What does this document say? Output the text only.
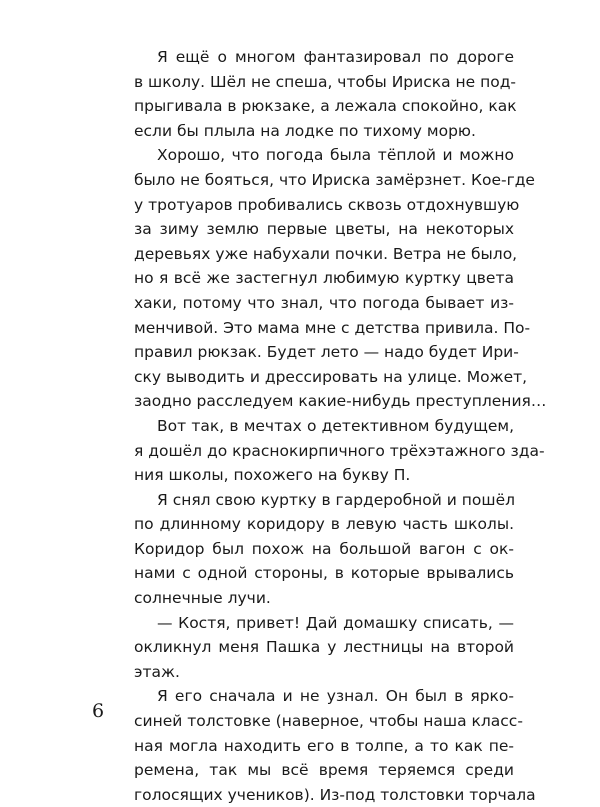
Я ещё о многом фантазировал по дороге
в школу. Шёл не спеша, чтобы Ириска не под-
прыгивала в рюкзаке, а лежала спокойно, как
если бы плыла на лодке по тихому морю.
Хорошо, что погода была тёплой и можно
было не бояться, что Ириска замёрзнет. Кое-где
у тротуаров пробивались сквозь отдохнувшую
за зиму землю первые цветы, на некоторых
деревьях уже набухали почки. Ветра не было,
но я всё же застегнул любимую куртку цвета
хаки, потому что знал, что погода бывает из-
менчивой. Это мама мне с детства привила. По-
правил рюкзак. Будет лето — надо будет Ири-
ску выводить и дрессировать на улице. Может,
заодно расследуем какие-нибудь преступления…
Вот так, в мечтах о детективном будущем,
я дошёл до краснокирпичного трёхэтажного зда-
ния школы, похожего на букву П.
Я снял свою куртку в гардеробной и пошёл
по длинному коридору в левую часть школы.
Коридор был похож на большой вагон с ок-
нами с одной стороны, в которые врывались
солнечные лучи.
— Костя, привет! Дай домашку списать, —
окликнул меня Пашка у лестницы на второй
этаж.
Я его сначала и не узнал. Он был в ярко-
синей толстовке (наверное, чтобы наша класс-
ная могла находить его в толпе, а то как пе-
ремена, так мы всё время теряемся среди
голосящих учеников). Из-под толстовки торчала
6
